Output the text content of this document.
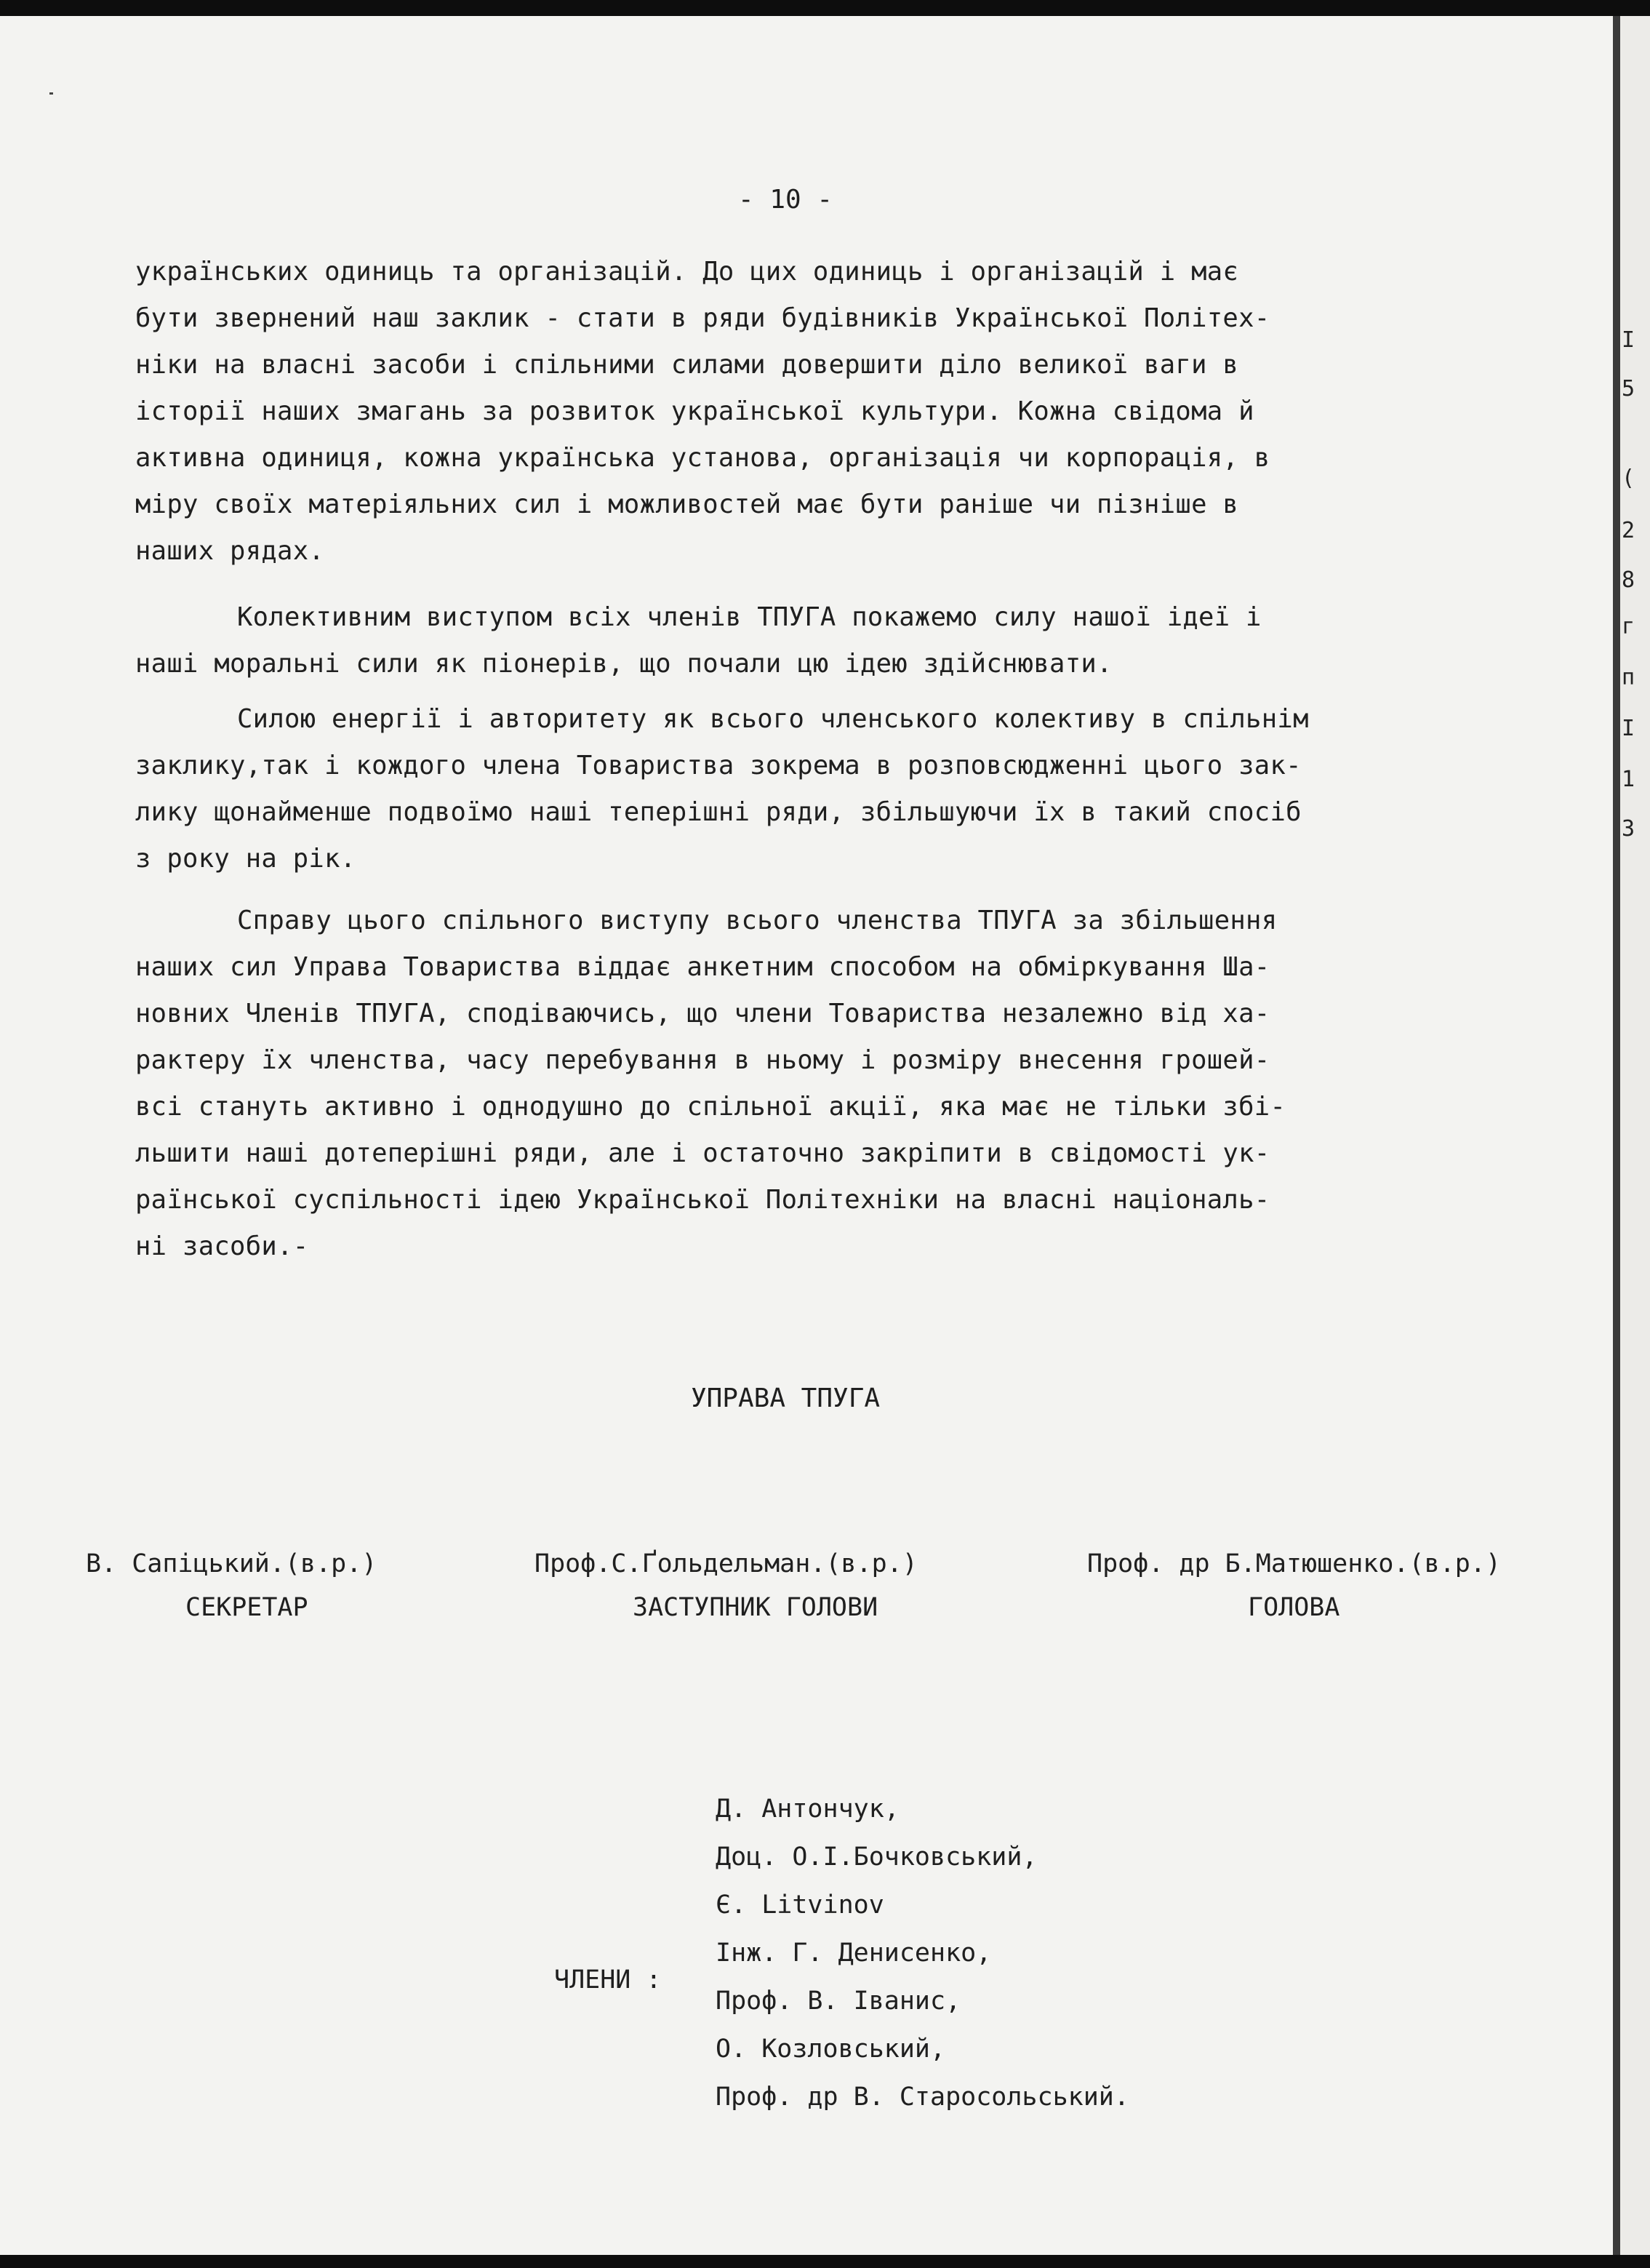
- 10 -
українських одиниць та організацій. До цих одиниць і організацій і має
бути звернений наш заклик - стати в ряди будівників Української Політех-
ніки на власні засоби і спільними силами довершити діло великої ваги в
історії наших змагань за розвиток української культури. Кожна свідома й
активна одиниця, кожна українська установа, організація чи корпорація, в
міру своїх матеріяльних сил і можливостей має бути раніше чи пізніше в
наших рядах.
Колективним виступом всіх членів ТПУГА покажемо силу нашої ідеї і
наші моральні сили як піонерів, що почали цю ідею здійснювати.
Силою енергії і авторитету як всього членського колективу в спільнім
заклику,так і кождого члена Товариства зокрема в розповсюдженні цього зак-
лику щонайменше подвоїмо наші теперішні ряди, збільшуючи їх в такий спосіб
з року на рік.
Справу цього спільного виступу всього членства ТПУГА за збільшення
наших сил Управа Товариства віддає анкетним способом на обміркування Ша-
новних Членів ТПУГА, сподіваючись, що члени Товариства незалежно від ха-
рактеру їх членства, часу перебування в ньому і розміру внесення грошей-
всі стануть активно і однодушно до спільної акції, яка має не тільки збі-
льшити наші дотеперішні ряди, але і остаточно закріпити в свідомості ук-
раїнської суспільності ідею Української Політехніки на власні національ-
ні засоби.-
УПРАВА ТПУГА
В. Сапіцький.(в.р.)
СЕКРЕТАР
Проф.С.Ґольдельман.(в.р.)
ЗАСТУПНИК ГОЛОВИ
Проф. др Б.Матюшенко.(в.р.)
ГОЛОВА
ЧЛЕНИ :
Д. Антончук,
Доц. О.І.Бочковський,
Є. Litvinov
Інж. Г. Денисенко,
Проф. В. Іванис,
О. Козловський,
Проф. др В. Старосольський.
I
5
(
2
8
г
п
I
1
3
